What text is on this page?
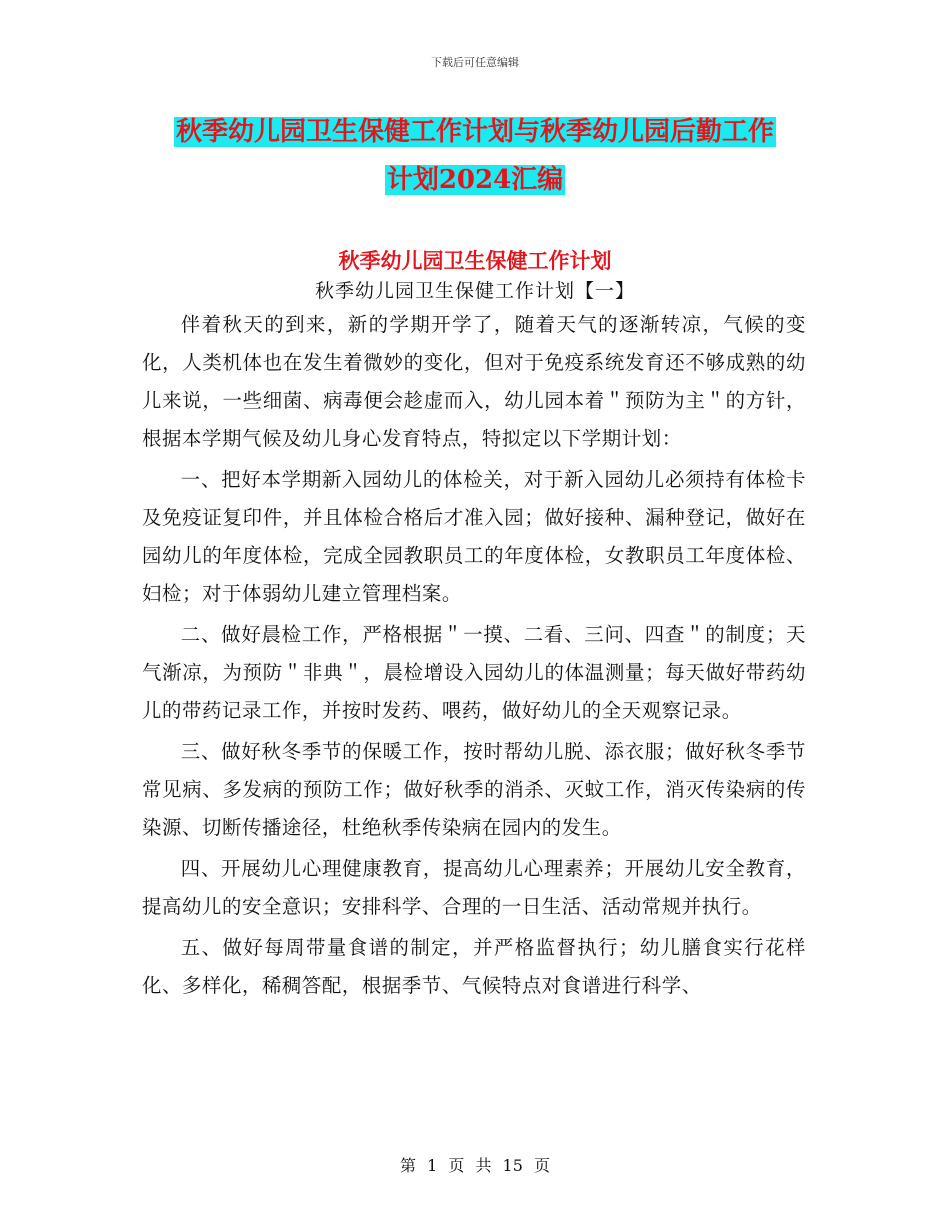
下载后可任意编辑
秋季幼儿园卫生保健工作计划与秋季幼儿园后勤工作
计划2024汇编
秋季幼儿园卫生保健工作计划
秋季幼儿园卫生保健工作计划【一】

伴着秋天的到来，新的学期开学了，随着天气的逐渐转凉，气候的变化，人类机体也在发生着微妙的变化，但对于免疫系统发育还不够成熟的幼儿来说，一些细菌、病毒便会趁虚而入，幼儿园本着＂预防为主＂的方针，根据本学期气候及幼儿身心发育特点，特拟定以下学期计划：

一、把好本学期新入园幼儿的体检关，对于新入园幼儿必须持有体检卡及免疫证复印件，并且体检合格后才准入园；做好接种、漏种登记，做好在园幼儿的年度体检，完成全园教职员工的年度体检，女教职员工年度体检、妇检；对于体弱幼儿建立管理档案。

二、做好晨检工作，严格根据＂一摸、二看、三问、四查＂的制度；天气渐凉，为预防＂非典＂，晨检增设入园幼儿的体温测量；每天做好带药幼儿的带药记录工作，并按时发药、喂药，做好幼儿的全天观察记录。

三、做好秋冬季节的保暖工作，按时帮幼儿脱、添衣服；做好秋冬季节常见病、多发病的预防工作；做好秋季的消杀、灭蚊工作，消灭传染病的传染源、切断传播途径，杜绝秋季传染病在园内的发生。

四、开展幼儿心理健康教育，提高幼儿心理素养；开展幼儿安全教育，提高幼儿的安全意识；安排科学、合理的一日生活、活动常规并执行。

五、做好每周带量食谱的制定，并严格监督执行；幼儿膳食实行花样化、多样化，稀稠答配，根据季节、气候特点对食谱进行科学、

第 1 页 共 15 页
